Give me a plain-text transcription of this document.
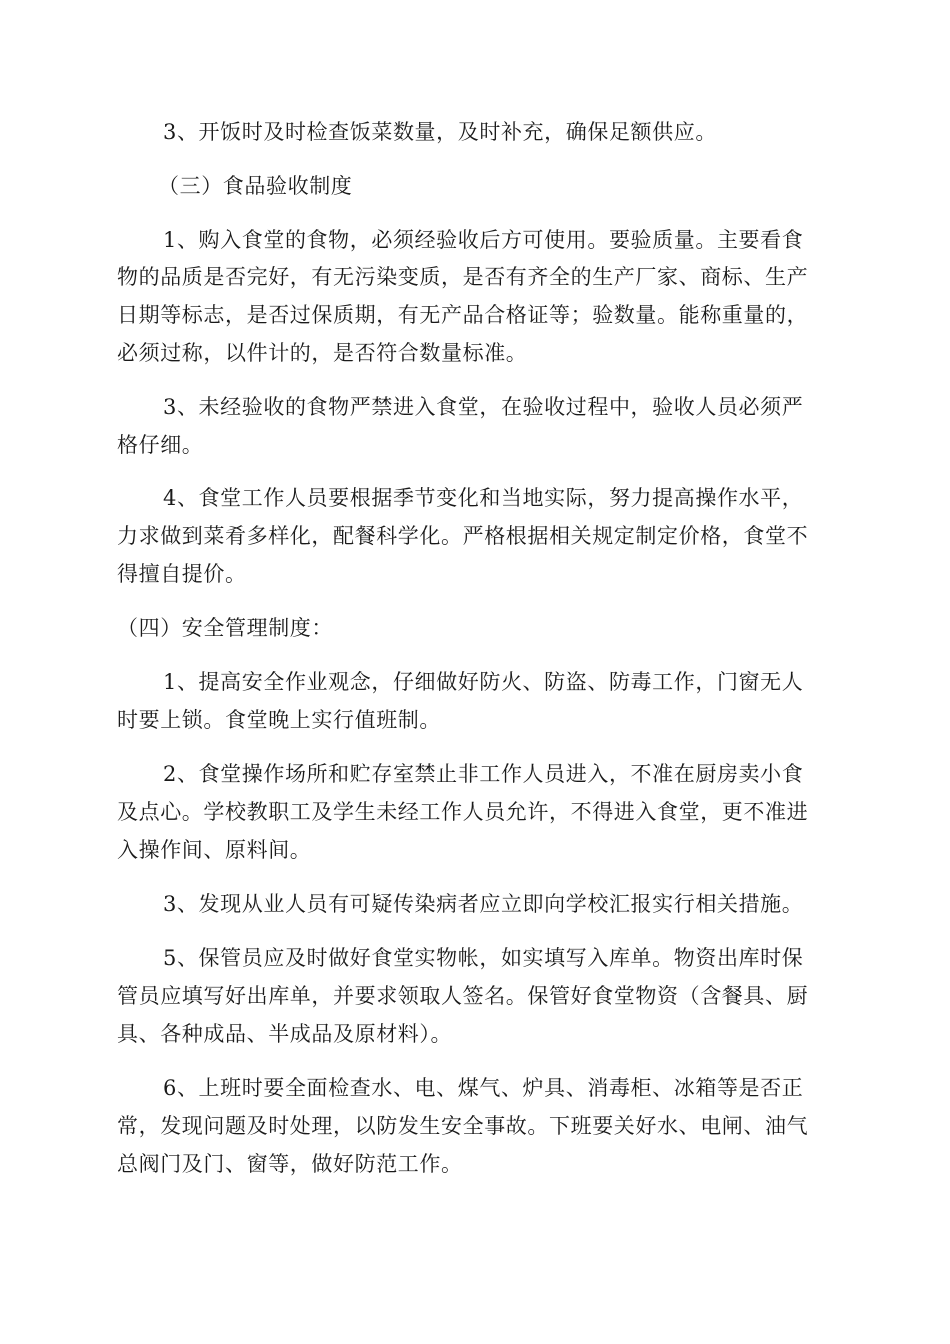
3、开饭时及时检查饭菜数量，及时补充，确保足额供应。
（三）食品验收制度
1、购入食堂的食物，必须经验收后方可使用。要验质量。主要看食
物的品质是否完好，有无污染变质，是否有齐全的生产厂家、商标、生产
日期等标志，是否过保质期，有无产品合格证等；验数量。能称重量的，
必须过称，以件计的，是否符合数量标准。
3、未经验收的食物严禁进入食堂，在验收过程中，验收人员必须严
格仔细。
4、食堂工作人员要根据季节变化和当地实际，努力提高操作水平，
力求做到菜肴多样化，配餐科学化。严格根据相关规定制定价格，食堂不
得擅自提价。
（四）安全管理制度：
1、提高安全作业观念，仔细做好防火、防盗、防毒工作，门窗无人
时要上锁。食堂晚上实行值班制。
2、食堂操作场所和贮存室禁止非工作人员进入，不准在厨房卖小食
及点心。学校教职工及学生未经工作人员允许，不得进入食堂，更不准进
入操作间、原料间。
3、发现从业人员有可疑传染病者应立即向学校汇报实行相关措施。
5、保管员应及时做好食堂实物帐，如实填写入库单。物资出库时保
管员应填写好出库单，并要求领取人签名。保管好食堂物资（含餐具、厨
具、各种成品、半成品及原材料）。
6、上班时要全面检查水、电、煤气、炉具、消毒柜、冰箱等是否正
常，发现问题及时处理，以防发生安全事故。下班要关好水、电闸、油气
总阀门及门、窗等，做好防范工作。
